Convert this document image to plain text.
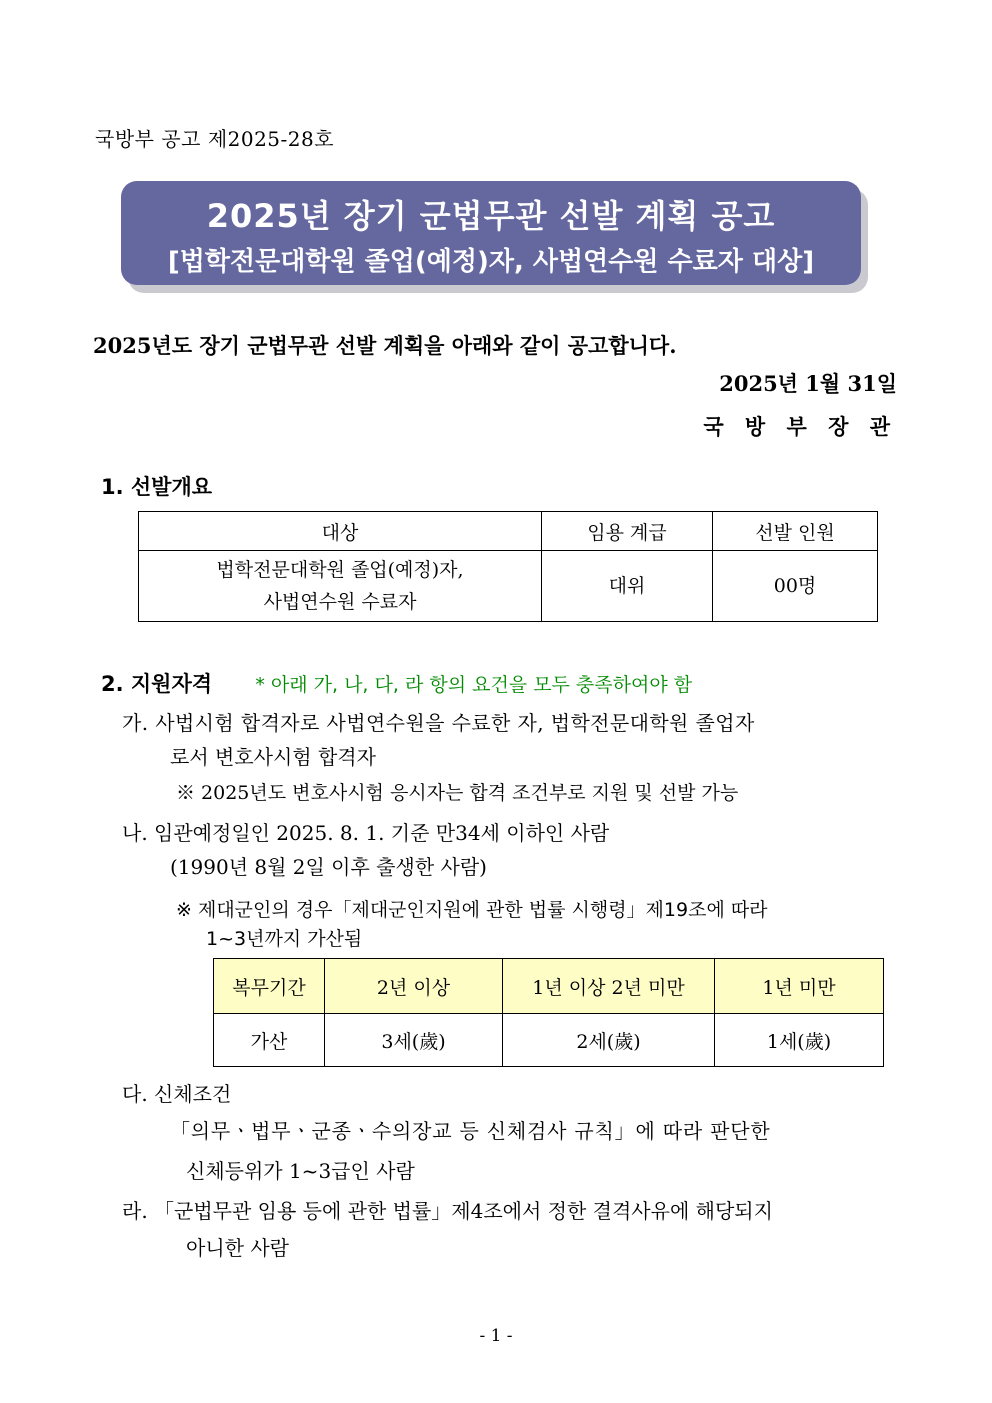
국방부 공고 제2025-28호
2025년 장기 군법무관 선발 계획 공고
[법학전문대학원 졸업(예정)자, 사법연수원 수료자 대상]
2025년도 장기 군법무관 선발 계획을 아래와 같이 공고합니다.
2025년 1월 31일
국 방 부 장 관
1. 선발개요
대상	임용 계급	선발 인원

법학전문대학원 졸업(예정)자,
사법연수원 수료자	대위	00명
2. 지원자격 * 아래 가, 나, 다, 라 항의 요건을 모두 충족하여야 함
가. 사법시험 합격자로 사법연수원을 수료한 자, 법학전문대학원 졸업자
로서 변호사시험 합격자
※ 2025년도 변호사시험 응시자는 합격 조건부로 지원 및 선발 가능
나. 임관예정일인 2025. 8. 1. 기준 만34세 이하인 사람
(1990년 8월 2일 이후 출생한 사람)
※ 제대군인의 경우「제대군인지원에 관한 법률 시행령」제19조에 따라
1~3년까지 가산됨
복무기간	2년 이상	1년 이상 2년 미만	1년 미만
가산	3세(歲)	2세(歲)	1세(歲)
다. 신체조건
「의무ㆍ법무ㆍ군종ㆍ수의장교 등 신체검사 규칙」에 따라 판단한
신체등위가 1~3급인 사람
라. 「군법무관 임용 등에 관한 법률」제4조에서 정한 결격사유에 해당되지
아니한 사람
- 1 -
